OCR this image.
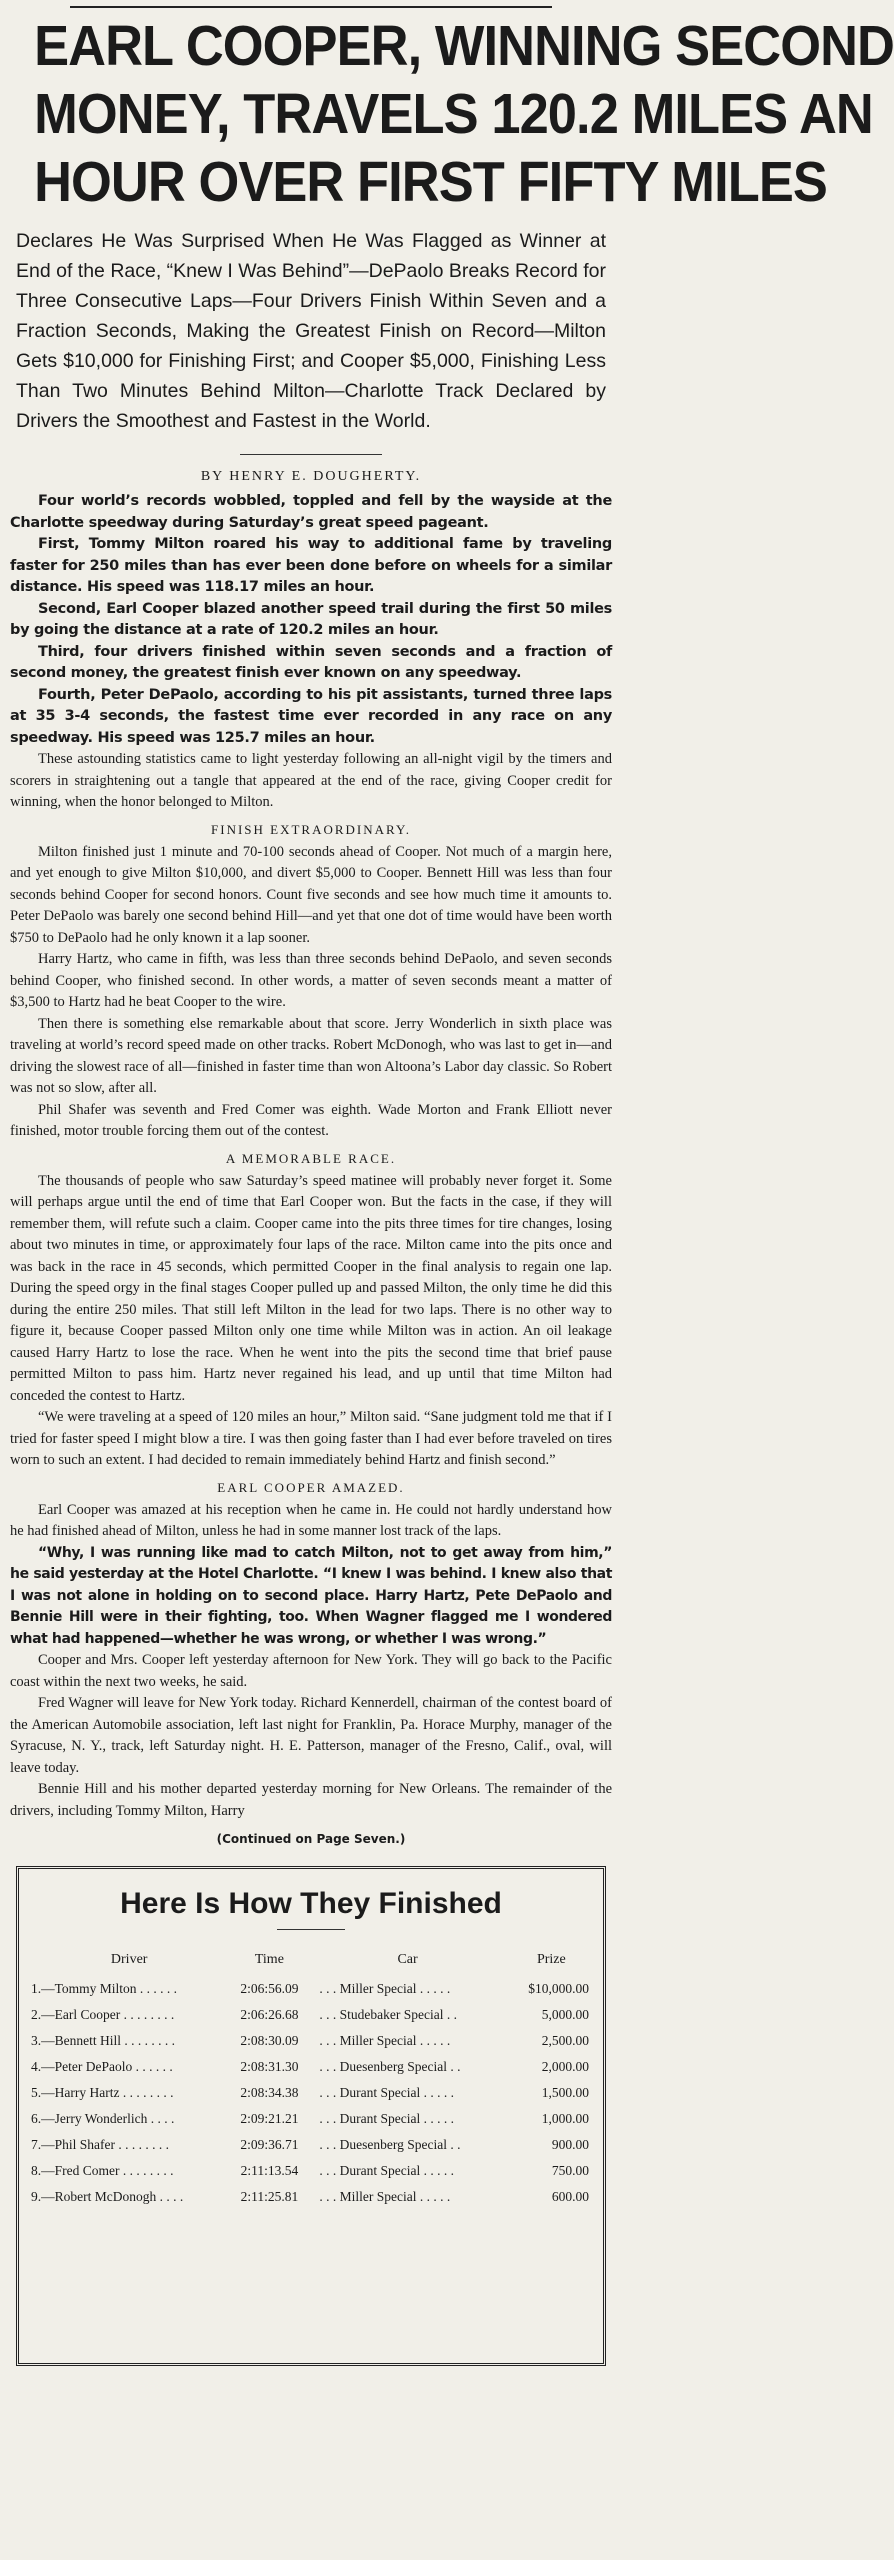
EARL COOPER, WINNING SECOND
MONEY, TRAVELS 120.2 MILES AN
HOUR OVER FIRST FIFTY MILES
Declares He Was Surprised When He Was Flagged as Winner at End of the Race, “Knew I Was Behind”—DePaolo Breaks Record for Three Consecutive Laps—Four Drivers Finish Within Seven and a Fraction Seconds, Making the Greatest Finish on Record—Milton Gets $10,000 for Finishing First; and Cooper $5,000, Finishing Less Than Two Minutes Behind Milton—Charlotte Track Declared by Drivers the Smoothest and Fastest in the World.
BY HENRY E. DOUGHERTY.

Four world’s records wobbled, toppled and fell by the wayside at the Charlotte speedway during Saturday’s great speed pageant.

First, Tommy Milton roared his way to additional fame by traveling faster for 250 miles than has ever been done before on wheels for a similar distance. His speed was 118.17 miles an hour.

Second, Earl Cooper blazed another speed trail during the first 50 miles by going the distance at a rate of 120.2 miles an hour.

Third, four drivers finished within seven seconds and a fraction of second money, the greatest finish ever known on any speedway.

Fourth, Peter DePaolo, according to his pit assistants, turned three laps at 35 3-4 seconds, the fastest time ever recorded in any race on any speedway. His speed was 125.7 miles an hour.

These astounding statistics came to light yesterday following an all-night vigil by the timers and scorers in straightening out a tangle that appeared at the end of the race, giving Cooper credit for winning, when the honor belonged to Milton.

FINISH EXTRAORDINARY.

Milton finished just 1 minute and 70-100 seconds ahead of Cooper. Not much of a margin here, and yet enough to give Milton $10,000, and divert $5,000 to Cooper. Bennett Hill was less than four seconds behind Cooper for second honors. Count five seconds and see how much time it amounts to. Peter DePaolo was barely one second behind Hill—and yet that one dot of time would have been worth $750 to DePaolo had he only known it a lap sooner.

Harry Hartz, who came in fifth, was less than three seconds behind DePaolo, and seven seconds behind Cooper, who finished second. In other words, a matter of seven seconds meant a matter of $3,500 to Hartz had he beat Cooper to the wire.

Then there is something else remarkable about that score. Jerry Wonderlich in sixth place was traveling at world’s record speed made on other tracks. Robert McDonogh, who was last to get in—and driving the slowest race of all—finished in faster time than won Altoona’s Labor day classic. So Robert was not so slow, after all.

Phil Shafer was seventh and Fred Comer was eighth. Wade Morton and Frank Elliott never finished, motor trouble forcing them out of the contest.

A MEMORABLE RACE.

The thousands of people who saw Saturday’s speed matinee will probably never forget it. Some will perhaps argue until the end of time that Earl Cooper won. But the facts in the case, if they will remember them, will refute such a claim. Cooper came into the pits three times for tire changes, losing about two minutes in time, or approximately four laps of the race. Milton came into the pits once and was back in the race in 45 seconds, which permitted Cooper in the final analysis to regain one lap. During the speed orgy in the final stages Cooper pulled up and passed Milton, the only time he did this during the entire 250 miles. That still left Milton in the lead for two laps. There is no other way to figure it, because Cooper passed Milton only one time while Milton was in action. An oil leakage caused Harry Hartz to lose the race. When he went into the pits the second time that brief pause permitted Milton to pass him. Hartz never regained his lead, and up until that time Milton had conceded the contest to Hartz.

“We were traveling at a speed of 120 miles an hour,” Milton said. “Sane judgment told me that if I tried for faster speed I might blow a tire. I was then going faster than I had ever before traveled on tires worn to such an extent. I had decided to remain immediately behind Hartz and finish second.”

EARL COOPER AMAZED.

Earl Cooper was amazed at his reception when he came in. He could not hardly understand how he had finished ahead of Milton, unless he had in some manner lost track of the laps.

“Why, I was running like mad to catch Milton, not to get away from him,” he said yesterday at the Hotel Charlotte. “I knew I was behind. I knew also that I was not alone in holding on to second place. Harry Hartz, Pete DePaolo and Bennie Hill were in their fighting, too. When Wagner flagged me I wondered what had happened—whether he was wrong, or whether I was wrong.”

Cooper and Mrs. Cooper left yesterday afternoon for New York. They will go back to the Pacific coast within the next two weeks, he said.

Fred Wagner will leave for New York today. Richard Kennerdell, chairman of the contest board of the American Automobile association, left last night for Franklin, Pa. Horace Murphy, manager of the Syracuse, N. Y., track, left Saturday night. H. E. Patterson, manager of the Fresno, Calif., oval, will leave today.

Bennie Hill and his mother departed yesterday morning for New Orleans. The remainder of the drivers, including Tommy Milton, Harry

(Continued on Page Seven.)
Here Is How They Finished
Driver	Time	Car	Prize
1.—Tommy Milton . . . . . .	2:06:56.09	. . . Miller Special . . . . .	$10,000.00
2.—Earl Cooper . . . . . . . .	2:06:26.68	. . . Studebaker Special . .	5,000.00
3.—Bennett Hill . . . . . . . .	2:08:30.09	. . . Miller Special . . . . .	2,500.00
4.—Peter DePaolo . . . . . .	2:08:31.30	. . . Duesenberg Special . .	2,000.00
5.—Harry Hartz . . . . . . . .	2:08:34.38	. . . Durant Special . . . . .	1,500.00
6.—Jerry Wonderlich . . . .	2:09:21.21	. . . Durant Special . . . . .	1,000.00
7.—Phil Shafer . . . . . . . .	2:09:36.71	. . . Duesenberg Special . .	900.00
8.—Fred Comer . . . . . . . .	2:11:13.54	. . . Durant Special . . . . .	750.00
9.—Robert McDonogh . . . .	2:11:25.81	. . . Miller Special . . . . .	600.00
